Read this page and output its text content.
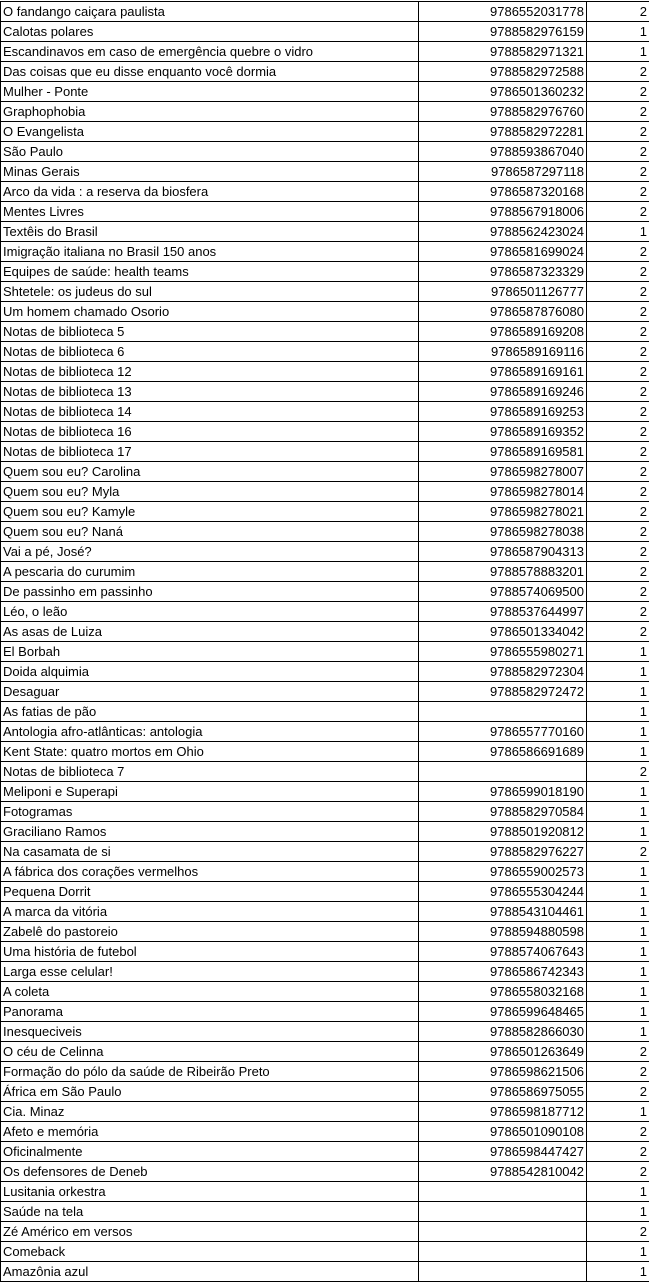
O fandango caiçara paulista	9786552031778	2
Calotas polares	9788582976159	1
Escandinavos em caso de emergência quebre o vidro	9788582971321	1
Das coisas que eu disse enquanto você dormia	9788582972588	2
Mulher - Ponte	9786501360232	2
Graphophobia	9788582976760	2
O Evangelista	9788582972281	2
São Paulo	9788593867040	2
Minas Gerais	9786587297118	2
Arco da vida : a reserva da biosfera	9786587320168	2
Mentes Livres	9788567918006	2
Textêis do Brasil	9788562423024	1
Imigração italiana no Brasil 150 anos	9786581699024	2
Equipes de saúde: health teams	9786587323329	2
Shtetele: os judeus do sul	9786501126777	2
Um homem chamado Osorio	9786587876080	2
Notas de biblioteca 5	9786589169208	2
Notas de biblioteca 6	9786589169116	2
Notas de biblioteca 12	9786589169161	2
Notas de biblioteca 13	9786589169246	2
Notas de biblioteca 14	9786589169253	2
Notas de biblioteca 16	9786589169352	2
Notas de biblioteca 17	9786589169581	2
Quem sou eu? Carolina	9786598278007	2
Quem sou eu? Myla	9786598278014	2
Quem sou eu? Kamyle	9786598278021	2
Quem sou eu? Naná	9786598278038	2
Vai a pé, José?	9786587904313	2
A pescaria do curumim	9788578883201	2
De passinho em passinho	9788574069500	2
Léo, o leão	9788537644997	2
As asas de Luiza	9786501334042	2
El Borbah	9786555980271	1
Doida alquimia	9788582972304	1
Desaguar	9788582972472	1
As fatias de pão		1
Antologia afro-atlânticas: antologia	9786557770160	1
Kent State: quatro mortos em Ohio	9786586691689	1
Notas de biblioteca 7		2
Meliponi e Superapi	9786599018190	1
Fotogramas	9788582970584	1
Graciliano Ramos	9788501920812	1
Na casamata de si	9788582976227	2
A fábrica dos corações vermelhos	9786559002573	1
Pequena Dorrit	9786555304244	1
A marca da vitória	9788543104461	1
Zabelê do pastoreio	9788594880598	1
Uma história de futebol	9788574067643	1
Larga esse celular!	9786586742343	1
A coleta	9786558032168	1
Panorama	9786599648465	1
Inesqueciveis	9788582866030	1
O céu de Celinna	9786501263649	2
Formação do pólo da saúde de Ribeirão Preto	9786598621506	2
África em São Paulo	9786586975055	2
Cia. Minaz	9786598187712	1
Afeto e memória	9786501090108	2
Oficinalmente	9786598447427	2
Os defensores de Deneb	9788542810042	2
Lusitania orkestra		1
Saúde na tela		1
Zé Américo em versos		2
Comeback		1
Amazônia azul		1
